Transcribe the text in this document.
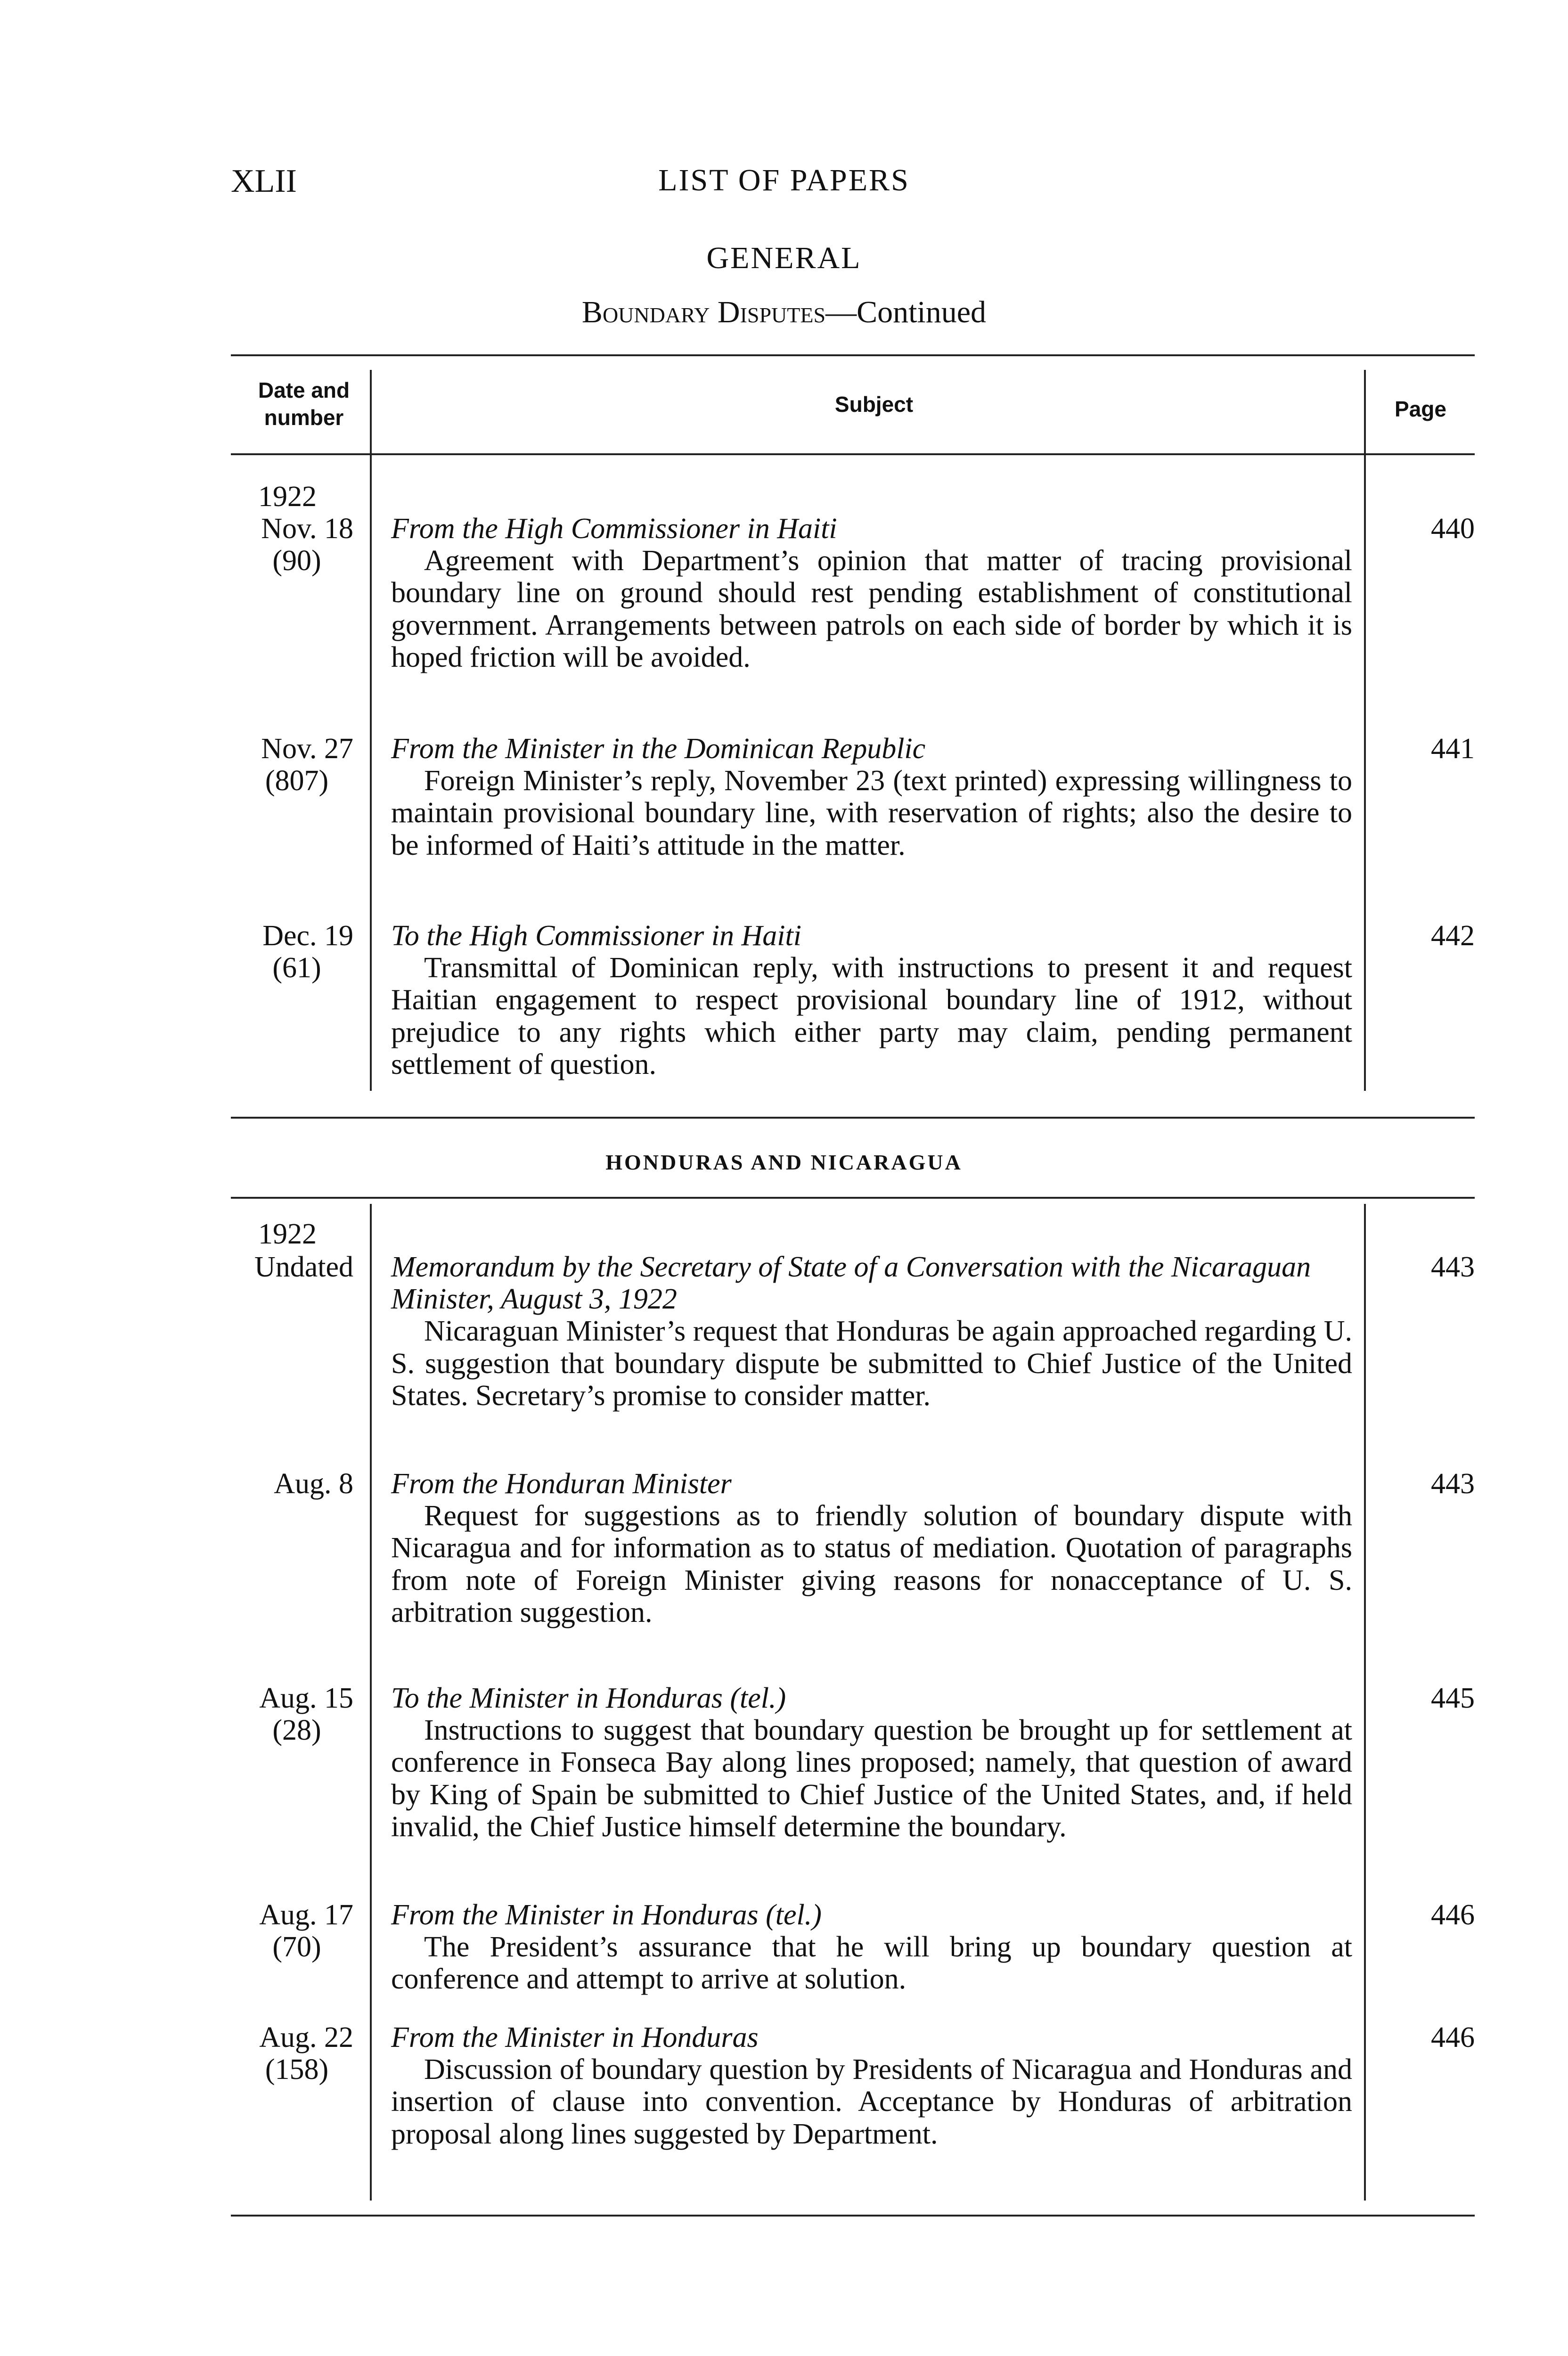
XLII	LIST OF PAPERS
GENERAL
Boundary Disputes—Continued
Date and number
Subject	Page
1922
Nov. 18
(90)
From the High Commissioner in Haiti
Agreement with Department’s opinion that matter of tracing provisional boundary line on ground should rest pending establishment of constitutional government. Arrangements between patrols on each side of border by which it is hoped friction will be avoided.
440
Nov. 27
(807)
From the Minister in the Dominican Republic
Foreign Minister’s reply, November 23 (text printed) expressing willingness to maintain provisional boundary line, with reservation of rights; also the desire to be informed of Haiti’s attitude in the matter.
441
Dec. 19
(61)
To the High Commissioner in Haiti
Transmittal of Dominican reply, with instructions to present it and request Haitian engagement to respect provisional boundary line of 1912, without prejudice to any rights which either party may claim, pending permanent settlement of question.
442
HONDURAS AND NICARAGUA
1922
Undated Memorandum by the Secretary of State of a Conversation with the Nicaraguan Minister, August 3, 1922
Nicaraguan Minister’s request that Honduras be again approached regarding U. S. suggestion that boundary dispute be submitted to Chief Justice of the United States. Secretary’s promise to consider matter.
443
Aug. 8 From the Honduran Minister
Request for suggestions as to friendly solution of boundary dispute with Nicaragua and for information as to status of mediation. Quotation of paragraphs from note of Foreign Minister giving reasons for nonacceptance of U. S. arbitration suggestion.
443
Aug. 15
(28)
To the Minister in Honduras (tel.)
Instructions to suggest that boundary question be brought up for settlement at conference in Fonseca Bay along lines proposed; namely, that question of award by King of Spain be submitted to Chief Justice of the United States, and, if held invalid, the Chief Justice himself determine the boundary.
445
Aug. 17
(70)
From the Minister in Honduras (tel.)
The President’s assurance that he will bring up boundary question at conference and attempt to arrive at solution.
446
Aug. 22
(158)
From the Minister in Honduras
Discussion of boundary question by Presidents of Nicaragua and Honduras and insertion of clause into convention. Acceptance by Honduras of arbitration proposal along lines suggested by Department.
446
